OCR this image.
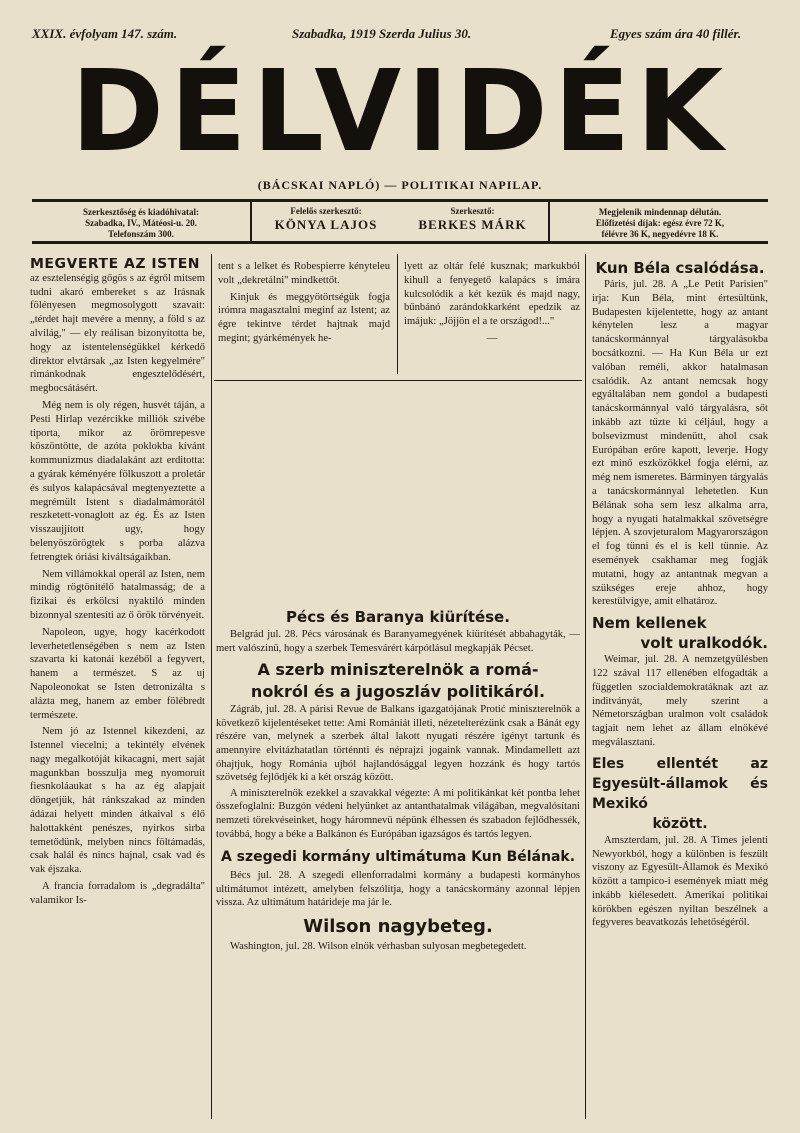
XXIX. évfolyam 147. szám.	Szabadka, 1919 Szerda Julius 30.	Egyes szám ára 40 fillér.
DÉLVIDÉK
(BÁCSKAI NAPLÓ) — POLITIKAI NAPILAP.
Szerkesztőség és kiadóhivatal:
Szabadka, IV., Mátéosi-u. 20.
Telefonszám 300.
Felelős szerkesztő:
KÖNYA LAJOS
Szerkesztő:
BERKES MÁRK
Megjelenik mindennap délután.
Előfizetési díjak: egész évre 72 K,
félévre 36 K, negyedévre 18 K.
MEGVERTE AZ ISTEN

az esztelenségig gőgös s az égről mitsem tudni akaró embereket s az Irásnak fölényesen megmosolygott szavait: „térdet hajt mevére a menny, a föld s az alvilág," — ely reálisan bizonyította be, hogy az istentelenségükkel kérkedő direktor elvtársak „az Isten kegyelmére" rimánkodnak engesztelődésért, megbocsátásért.

Még nem is oly régen, husvét táján, a Pesti Hirlap vezércikke milliók szivébe tiporta, mikor az örömrepesve köszöntötte, de azóta poklokba kívánt kommunizmus diadalakánt azt erditotta: a gyárak kéményére fölkuszott a proletár és sulyos kalapácsával megtenyeztette a megrémült Istent s diadalmámorától reszketett-vonaglott az ég. És az Isten visszaujjított ugy, hogy belenyöszörögtek s porba alázva fetrengtek óriási kiváltságaikban.

Nem villámokkal operál az Isten, nem mindig rögtönitélő hatalmasság; de a fizikai és erkölcsi nyaktiló minden bizonnyal szentesíti az ő örök törvényeit.

Napoleon, ugye, hogy kacérkodott leverhetetlenségében s nem az Isten szavarta ki katonái kezéből a fegyvert, hanem a természet. S az uj Napoleonokat se Isten detronizálta s alázta meg, hanem az ember fölébredt természete.

Nem jó az Istennel kikezdeni, az Istennel viecelni; a tekintély elvének nagy megalkotóját kikacagni, mert saját magunkban bosszulja meg nyomoruit fiesnkoláaukat s ha az ég alapjait döngetjük, hát ránkszakad az minden ádázai helyett minden átkaival s élő halottakként penészes, nyirkos sirba temetődünk, melyben nincs föltámadás, csak halál és nincs hajnal, csak vad és vak éjszaka.

A francia forradalom is „degradálta" valamikor Is-

tent s a lelket és Robespierre kényteleu volt „dekretálni" mindkettőt.

Kinjuk és meggyötörtségük fogja irómra magasztalni meginf az Istent; az égre tekintve térdet hajtnak majd megint; gyárkémények he-

lyett az oltár felé kusznak; markukból kihull a fenyegető kalapács s imára kulcsolódik a két kezük és majd nagy, bűnbánó zarándokkarként epedzik az imájuk: „Jöjjön el a te országod!..."

—
Pécs és Baranya kiürítése.

Belgrád jul. 28. Pécs városának és Baranyamegyének kiürítését abbahagyták, — mert valószinü, hogy a szerbek Temesvárért kárpótlásul megkapják Pécset.

A szerb miniszterelnök a romá-
nokról és a jugoszláv politikáról.

Zágráb, jul. 28. A párisi Revue de Balkans igazgatójának Protić miniszterelnök a következő kijelentéseket tette: Ami Romániát illeti, nézetelterézünk csak a Bánát egy részére van, melynek a szerbek által lakott nyugati részére igényt tartunk és amennyire elvitázhatatlan történnti és néprajzi jogaink vannak. Mindamellett azt óhajtjuk, hogy Románia ujból hajlandósággal legyen hozzánk és hogy tartós szövetség fejlődjék ki a két ország között.

A miniszterelnök ezekkel a szavakkal végezte: A mi politikánkat két pontba lehet összefoglalni: Buzgón védeni helyünket az antanthatalmak világában, megvalósítani nemzeti törekvéseinket, hogy háromnevü népünk élhessen és szabadon fejlődhessék, továbbá, hogy a béke a Balkánon és Európában igazságos és tartós legyen.

A szegedi kormány ultimátuma Kun Bélának.

Bécs jul. 28. A szegedi ellenforradalmi kormány a budapesti kormányhos ultimátumot intézett, amelyben felszólítja, hogy a tanácskormány azonnal lépjen vissza. Az ultimátum határideje ma jár le.

Wilson nagybeteg.

Washington, jul. 28. Wilson elnök vérhasban sulyosan megbetegedett.

Kun Béla csalódása.

Páris, jul. 28. A „Le Petit Parisien" irja: Kun Béla, mint értesültünk, Budapesten kijelentette, hogy az antant kénytelen lesz a magyar tanácskormánnyal tárgyalásokba bocsátkozni. — Ha Kun Béla ur ezt valóban reméli, akkor hatalmasan csalódik. Az antant nemcsak hogy egyáltalában nem gondol a budapesti tanácskormánnyal való tárgyalásra, sőt inkább azt tűzte ki céljául, hogy a bolsevizmust mindenütt, ahol csak Európában erőre kapott, leverje. Hogy ezt minő eszközökkel fogja elérni, az még nem ismeretes. Bárminyen tárgyalás a tanácskormánnyal lehetetlen. Kun Bélának soha sem lesz alkalma arra, hogy a nyugati hatalmakkal szövetségre lépjen. A szovjeturalom Magyarországon el fog tünni és el is kell tünnie. Az események csakhamar meg fogják mutatni, hogy az antantnak megvan a szükséges ereje ahhoz, hogy kerestülvigye, amit elhatároz.

Nem kellenek
volt uralkodók.

Weimar, jul. 28. A nemzetgyülésben 122 szával 117 ellenében elfogadták a független szocialdemokratáknak azt az inditványát, mely szerint a Németországban uralmon volt családok tagjait nem lehet az állam elnökévé megválasztani.

Eles ellentét az Egyesült-államok és Mexikó
között.

Amszterdam, jul. 28. A Times jelenti Newyorkból, hogy a különben is feszült viszony az Egyesült-Államok és Mexikó között a tampico-i események miatt még inkább kiélesedett. Amerikai politikai körökben egészen nyiltan beszélnek a fegyveres beavatkozás lehetőségéről.
